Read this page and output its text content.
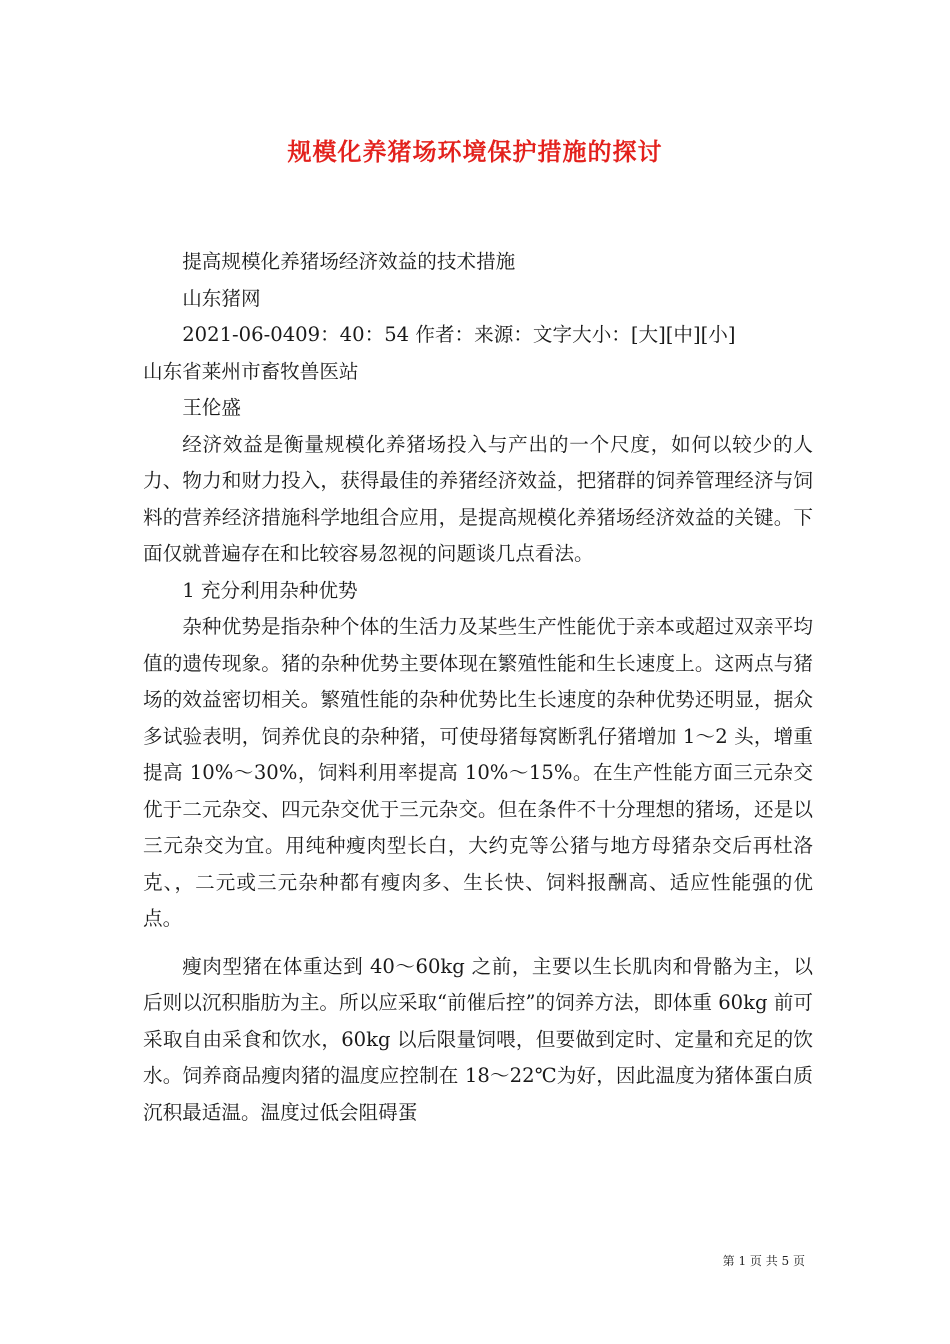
规模化养猪场环境保护措施的探讨

提高规模化养猪场经济效益的技术措施

山东猪网

2021-06-0409：40：54 作者：来源：文字大小：[大][中][小]

山东省莱州市畜牧兽医站

王伦盛

经济效益是衡量规模化养猪场投入与产出的一个尺度，如何以较少的人力、物力和财力投入，获得最佳的养猪经济效益，把猪群的饲养管理经济与饲料的营养经济措施科学地组合应用，是提高规模化养猪场经济效益的关键。下面仅就普遍存在和比较容易忽视的问题谈几点看法。

1 充分利用杂种优势

杂种优势是指杂种个体的生活力及某些生产性能优于亲本或超过双亲平均值的遗传现象。猪的杂种优势主要体现在繁殖性能和生长速度上。这两点与猪场的效益密切相关。繁殖性能的杂种优势比生长速度的杂种优势还明显，据众多试验表明，饲养优良的杂种猪，可使母猪每窝断乳仔猪增加 1～2 头，增重提高 10%～30%，饲料利用率提高 10%～15%。在生产性能方面三元杂交优于二元杂交、四元杂交优于三元杂交。但在条件不十分理想的猪场，还是以三元杂交为宜。用纯种瘦肉型长白，大约克等公猪与地方母猪杂交后再杜洛克、，二元或三元杂种都有瘦肉多、生长快、饲料报酬高、适应性能强的优点。

瘦肉型猪在体重达到 40～60kg 之前，主要以生长肌肉和骨骼为主，以后则以沉积脂肪为主。所以应采取“前催后控”的饲养方法，即体重 60kg 前可采取自由采食和饮水，60kg 以后限量饲喂，但要做到定时、定量和充足的饮水。饲养商品瘦肉猪的温度应控制在 18～22℃为好，因此温度为猪体蛋白质沉积最适温。温度过低会阻碍蛋

第 1 页 共 5 页
